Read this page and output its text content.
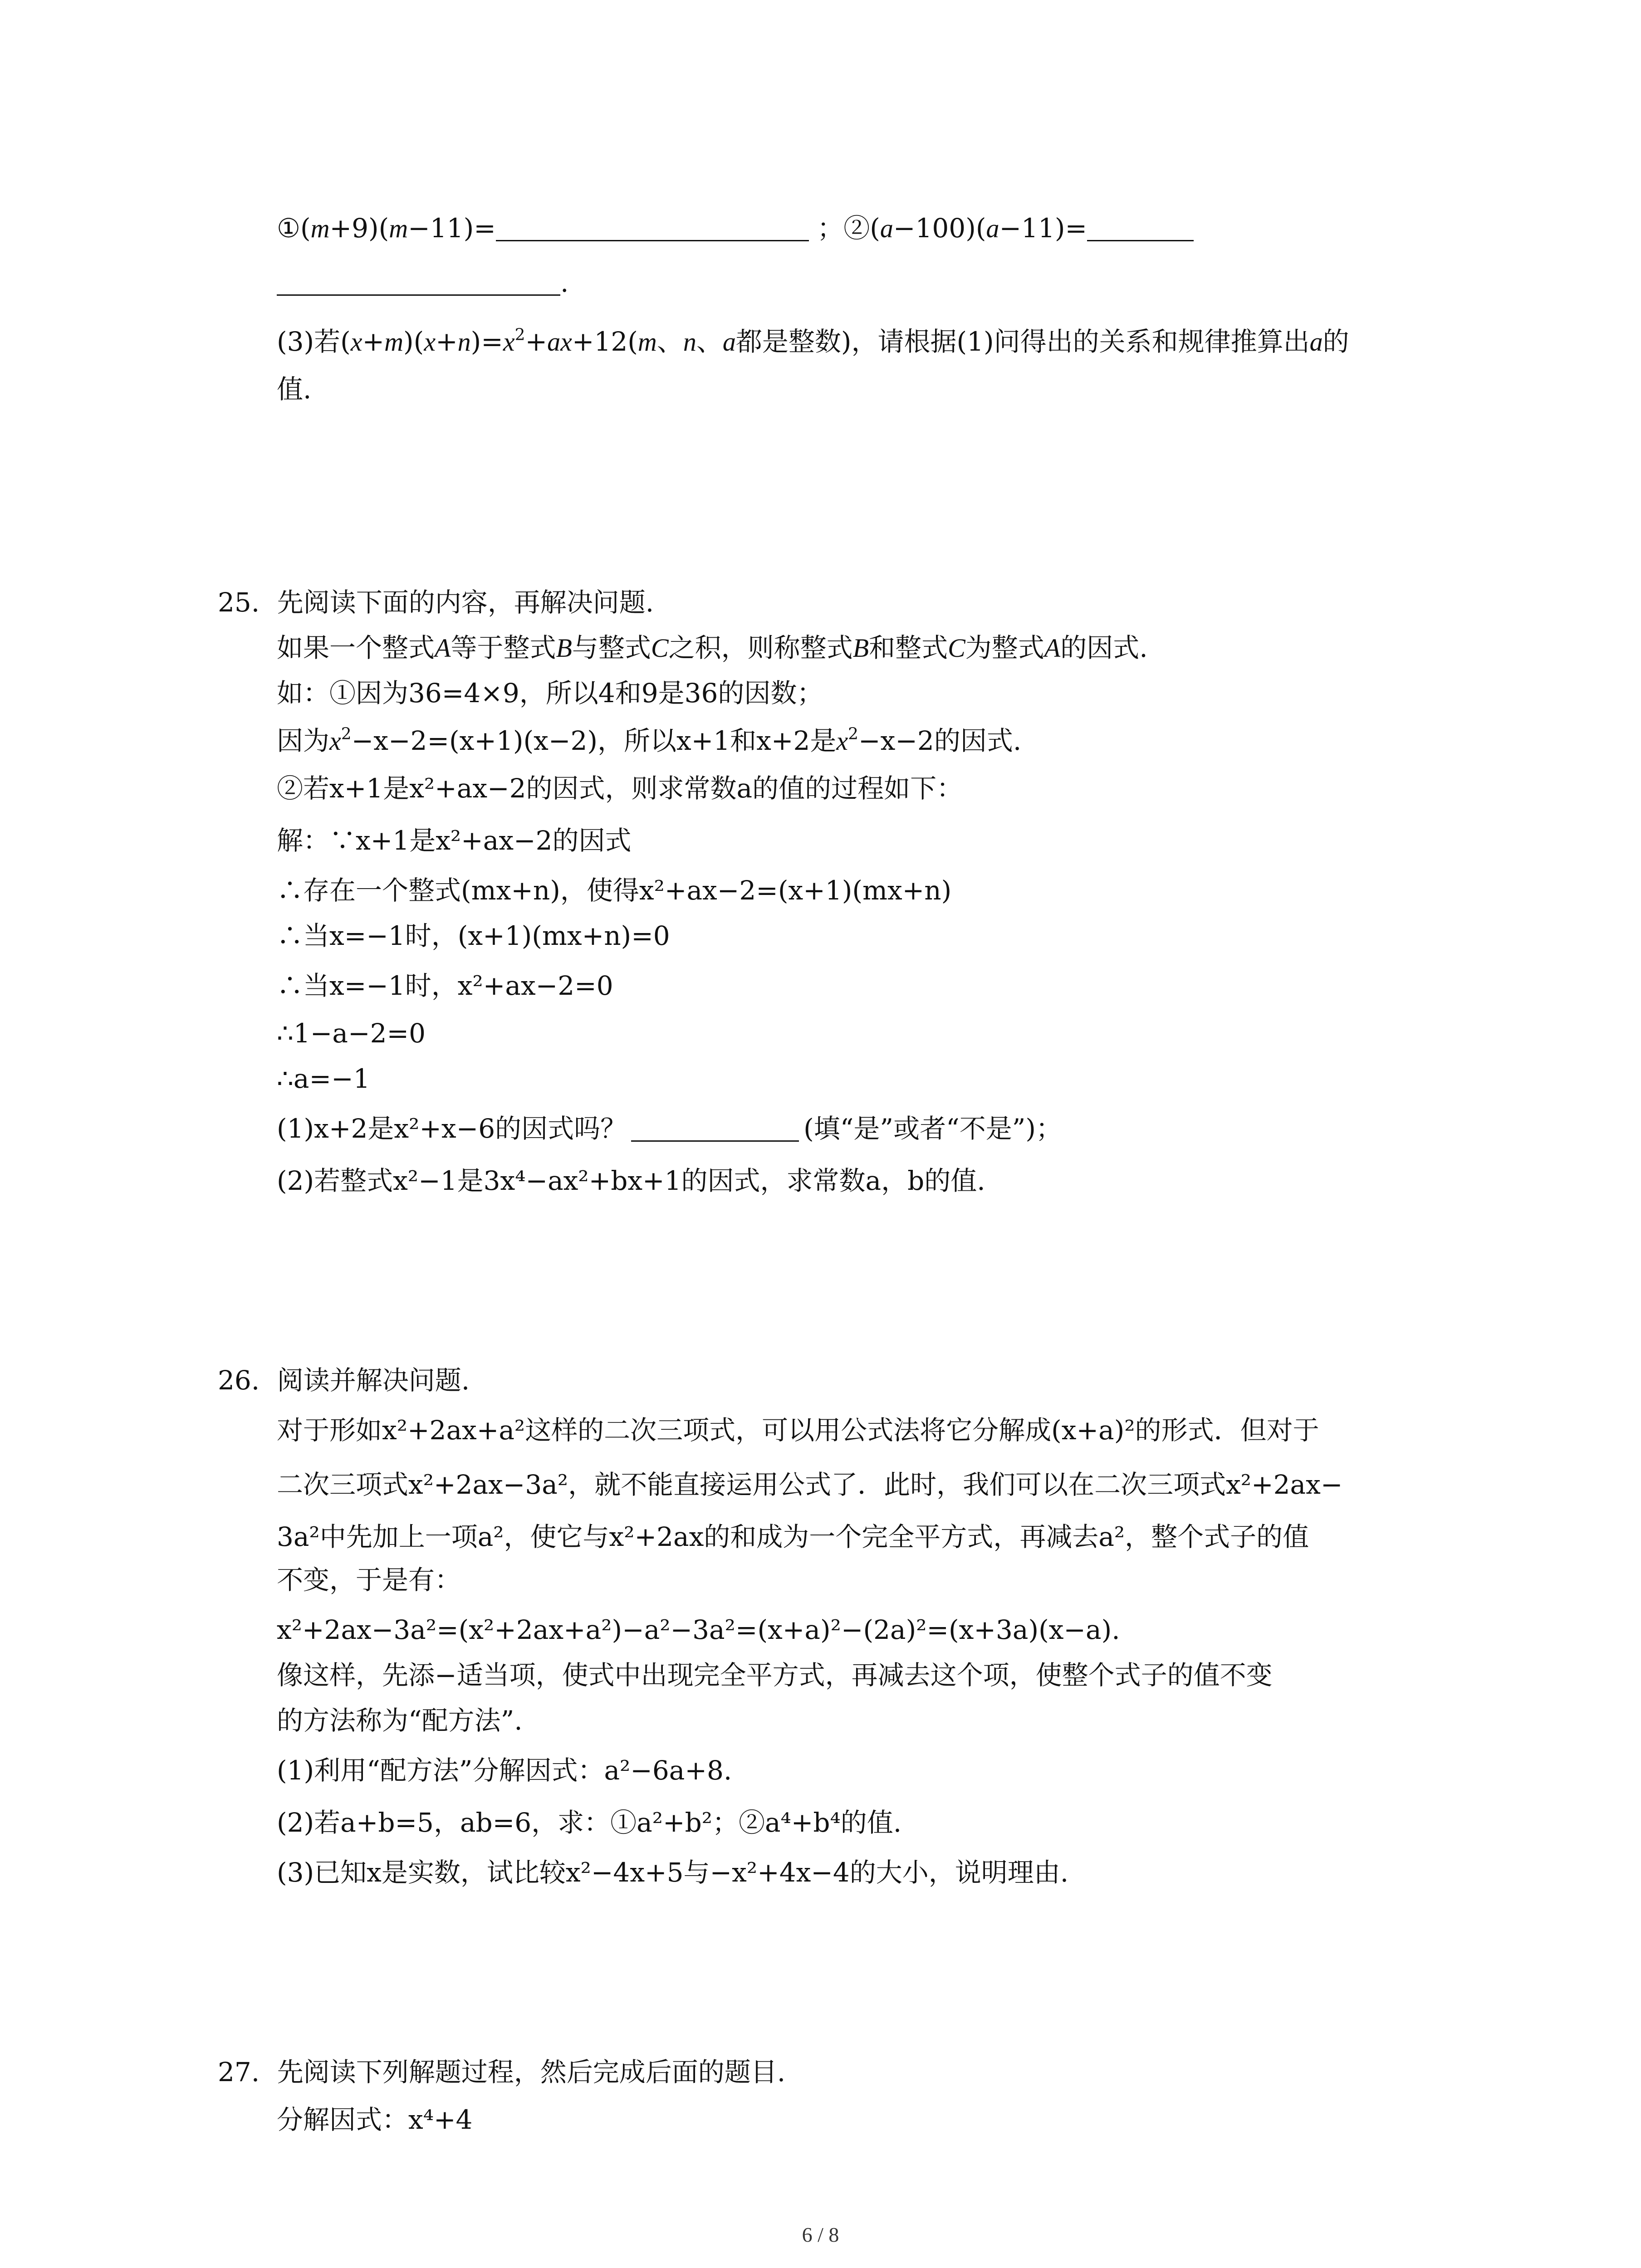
①(m+9)(m−11)=	；②(a−100)(a−11)=
.
(3)若$(x+m)(x+n)=x^2+ax+12(m$、n、a都是整数)，请根据(1)问得出的关系和规律推算出a的
值.
25. 先阅读下面的内容，再解决问题.
如果一个整式A等于整式B与整式C之积，则称整式B和整式C为整式A的因式.
如：①因为36=4×9，所以4和9是36的因数；
因为$x^2-x-2=(x+1)(x-2)$，所以x+1和x+2是$x^2-x-2$的因式.
②若x+1是x²+ax−2的因式，则求常数a的值的过程如下：
解：∵x+1是x²+ax−2的因式
∴存在一个整式(mx+n)，使得x²+ax−2=(x+1)(mx+n)
∴当x=−1时，(x+1)(mx+n)=0
∴当x=−1时，x²+ax−2=0
∴1−a−2=0
∴a=−1
(1)x+2是x²+x−6的因式吗？	(填“是”或者“不是”)；
(2)若整式x²−1是3x⁴−ax²+bx+1的因式，求常数a，b的值.
26. 阅读并解决问题.
对于形如x²+2ax+a²这样的二次三项式，可以用公式法将它分解成(x+a)²的形式．但对于
二次三项式x²+2ax−3a²，就不能直接运用公式了．此时，我们可以在二次三项式x²+2ax−
3a²中先加上一项a²，使它与x²+2ax的和成为一个完全平方式，再减去a²，整个式子的值
不变，于是有：
x²+2ax−3a²=(x²+2ax+a²)−a²−3a²=(x+a)²−(2a)²=(x+3a)(x−a).
像这样，先添−适当项，使式中出现完全平方式，再减去这个项，使整个式子的值不变
的方法称为“配方法”.
(1)利用“配方法”分解因式：a²−6a+8.
(2)若a+b=5，ab=6，求：①a²+b²；②a⁴+b⁴的值.
(3)已知x是实数，试比较x²−4x+5与−x²+4x−4的大小，说明理由.
27. 先阅读下列解题过程，然后完成后面的题目.
分解因式：x⁴+4
6 / 8
